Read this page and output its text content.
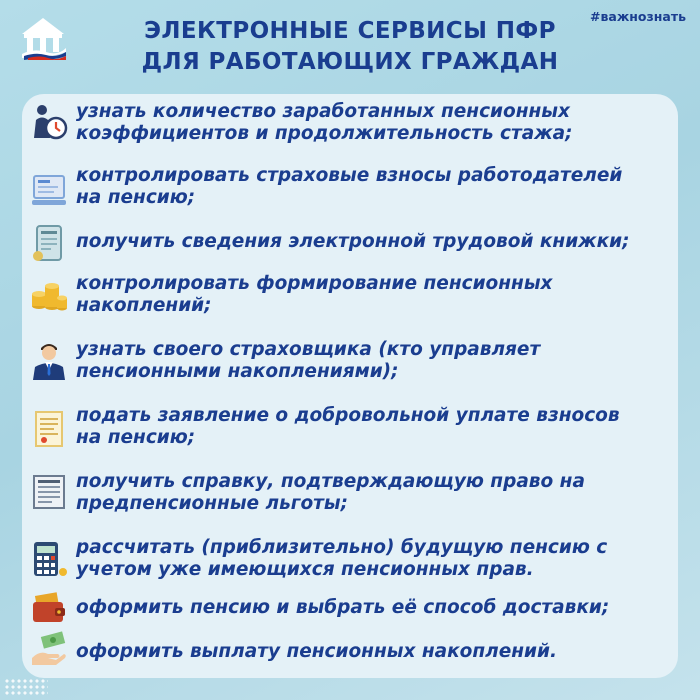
#важнознать
ЭЛЕКТРОННЫЕ СЕРВИСЫ ПФР
ДЛЯ РАБОТАЮЩИХ ГРАЖДАН
узнать количество заработанных пенсионных
коэффициентов и продолжительность стажа;
контролировать страховые взносы работодателей
на пенсию;
получить сведения электронной трудовой книжки;
контролировать формирование пенсионных
накоплений;
узнать своего страховщика (кто управляет
пенсионными накоплениями);
подать заявление о добровольной уплате взносов
на пенсию;
получить справку, подтверждающую право на
предпенсионные льготы;
рассчитать (приблизительно) будущую пенсию с
учетом уже имеющихся пенсионных прав.
оформить пенсию и выбрать её способ доставки;
оформить выплату пенсионных накоплений.
